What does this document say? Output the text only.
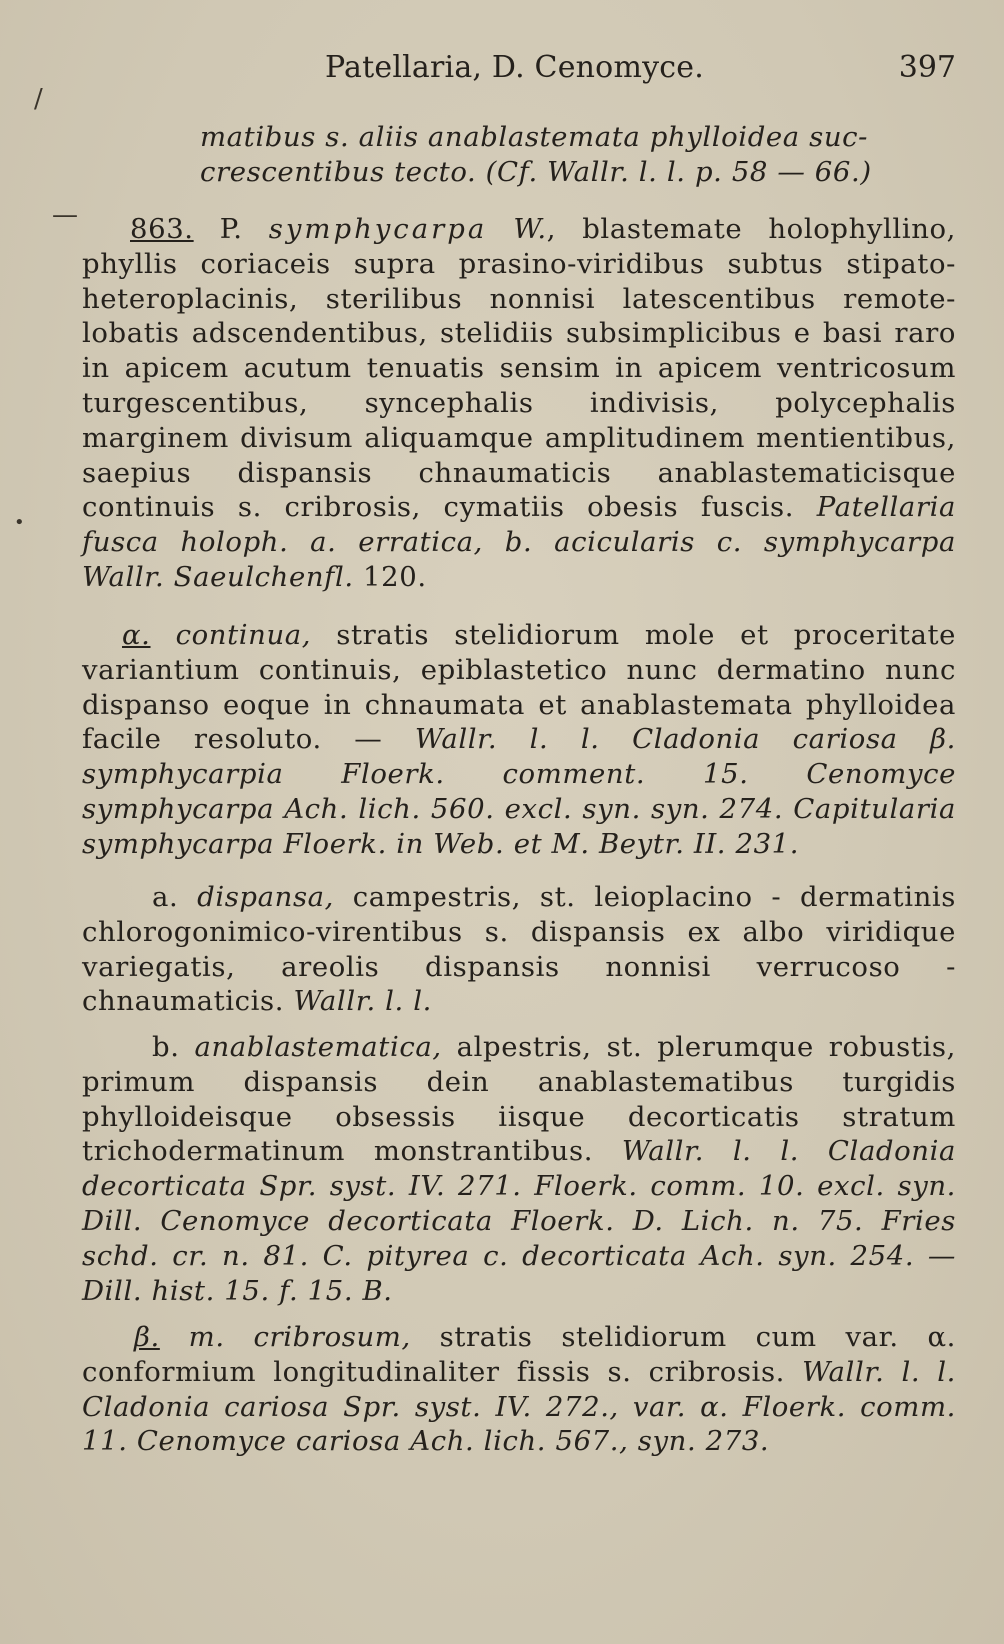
Patellaria, D. Cenomyce.	397
/
—
•

matibus s. aliis anablastemata phylloidea suc-

crescentibus tecto. (Cf. Wallr. l. l. p. 58 — 66.)

863. P. symphycarpa W., blastemate holophyllino, phyllis coriaceis supra prasino-viridibus subtus stipato-heteroplacinis, sterilibus nonnisi latescentibus remote-lobatis adscendentibus, stelidiis subsimplicibus e basi raro in apicem acutum tenuatis sensim in apicem ventricosum turgescentibus, syncephalis indivisis, polycephalis marginem divisum aliquamque amplitudinem mentientibus, saepius dispansis chnaumaticis anablastematicisque continuis s. cribrosis, cymatiis obesis fuscis. Patellaria fusca holoph. a. erratica, b. acicularis c. symphycarpa Wallr. Saeulchenfl. 120.

α. continua, stratis stelidiorum mole et proceritate variantium continuis, epiblastetico nunc dermatino nunc dispanso eoque in chnaumata et anablastemata phylloidea facile resoluto. — Wallr. l. l. Cladonia cariosa β. symphycarpia Floerk. comment. 15. Cenomyce symphycarpa Ach. lich. 560. excl. syn. syn. 274. Capitularia symphycarpa Floerk. in Web. et M. Beytr. II. 231.

a. dispansa, campestris, st. leioplacino - dermatinis chlorogonimico-virentibus s. dispansis ex albo viridique variegatis, areolis dispansis nonnisi verrucoso - chnaumaticis. Wallr. l. l.

b. anablastematica, alpestris, st. plerumque robustis, primum dispansis dein anablastematibus turgidis phylloideisque obsessis iisque decorticatis stratum trichodermatinum monstrantibus. Wallr. l. l. Cladonia decorticata Spr. syst. IV. 271. Floerk. comm. 10. excl. syn. Dill. Cenomyce decorticata Floerk. D. Lich. n. 75. Fries schd. cr. n. 81. C. pityrea c. decorticata Ach. syn. 254. — Dill. hist. 15. f. 15. B.

β. m. cribrosum, stratis stelidiorum cum var. α. conformium longitudinaliter fissis s. cribrosis. Wallr. l. l. Cladonia cariosa Spr. syst. IV. 272., var. α. Floerk. comm. 11. Cenomyce cariosa Ach. lich. 567., syn. 273.
